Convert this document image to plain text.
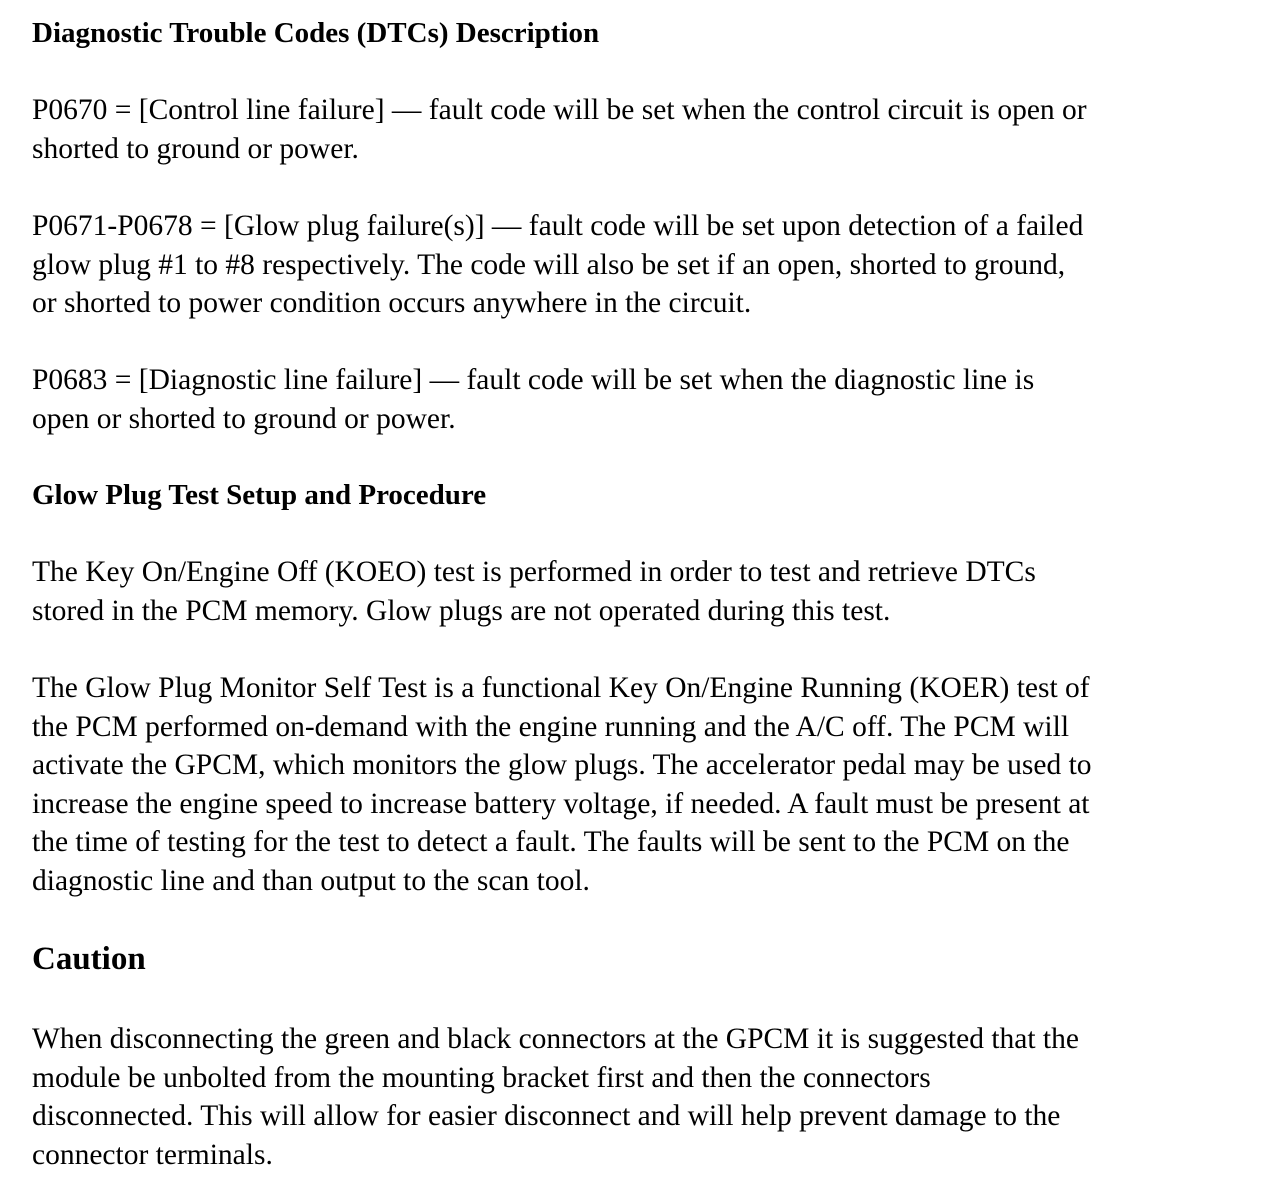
Diagnostic Trouble Codes (DTCs) Description

P0670 = [Control line failure] — fault code will be set when the control circuit is open or
shorted to ground or power.

P0671-P0678 = [Glow plug failure(s)] — fault code will be set upon detection of a failed
glow plug #1 to #8 respectively. The code will also be set if an open, shorted to ground,
or shorted to power condition occurs anywhere in the circuit.

P0683 = [Diagnostic line failure] — fault code will be set when the diagnostic line is
open or shorted to ground or power.

Glow Plug Test Setup and Procedure

The Key On/Engine Off (KOEO) test is performed in order to test and retrieve DTCs
stored in the PCM memory. Glow plugs are not operated during this test.

The Glow Plug Monitor Self Test is a functional Key On/Engine Running (KOER) test of
the PCM performed on-demand with the engine running and the A/C off. The PCM will
activate the GPCM, which monitors the glow plugs. The accelerator pedal may be used to
increase the engine speed to increase battery voltage, if needed. A fault must be present at
the time of testing for the test to detect a fault. The faults will be sent to the PCM on the
diagnostic line and than output to the scan tool.

Caution

When disconnecting the green and black connectors at the GPCM it is suggested that the
module be unbolted from the mounting bracket first and then the connectors
disconnected. This will allow for easier disconnect and will help prevent damage to the
connector terminals.
